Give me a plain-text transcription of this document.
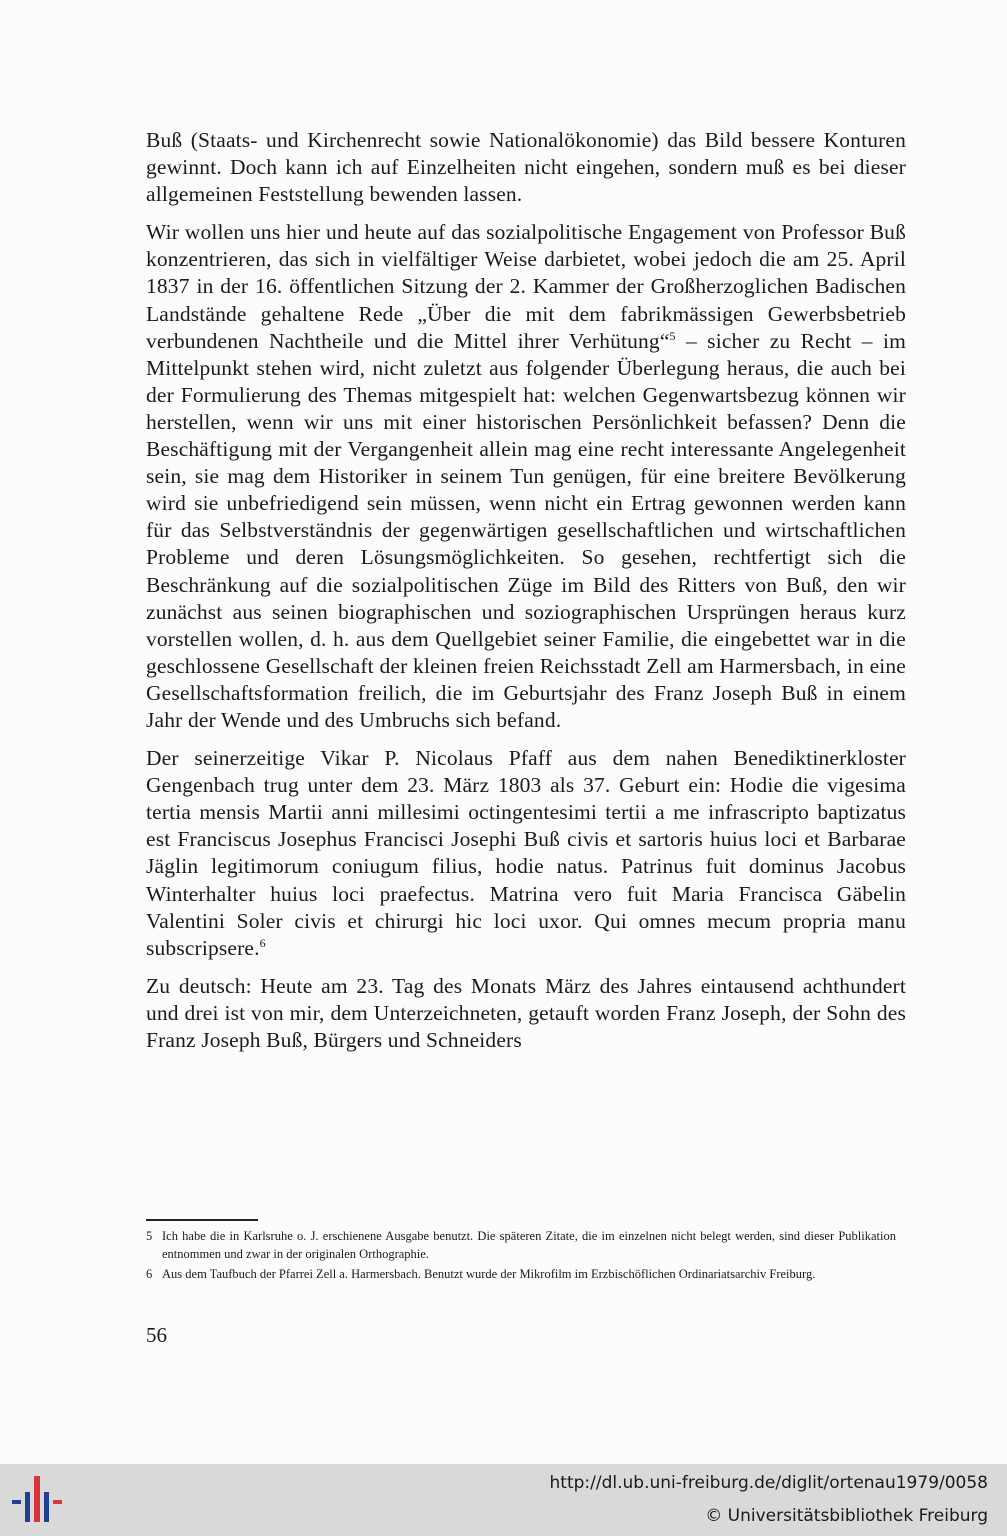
Buß (Staats- und Kirchenrecht sowie Nationalökonomie) das Bild bessere Konturen gewinnt. Doch kann ich auf Einzelheiten nicht eingehen, sondern muß es bei dieser allgemeinen Feststellung bewenden lassen.

Wir wollen uns hier und heute auf das sozialpolitische Engagement von Professor Buß konzentrieren, das sich in vielfältiger Weise darbietet, wobei jedoch die am 25. April 1837 in der 16. öffentlichen Sitzung der 2. Kammer der Großherzoglichen Badischen Landstände gehaltene Rede „Über die mit dem fabrikmässigen Gewerbsbetrieb verbundenen Nachtheile und die Mittel ihrer Verhütung“$^5$ – sicher zu Recht – im Mittelpunkt stehen wird, nicht zuletzt aus folgender Überlegung heraus, die auch bei der Formulierung des Themas mitgespielt hat: welchen Gegenwartsbezug können wir herstellen, wenn wir uns mit einer historischen Persönlichkeit befassen? Denn die Beschäftigung mit der Vergangenheit allein mag eine recht interessante Angelegenheit sein, sie mag dem Historiker in seinem Tun genügen, für eine breitere Bevölkerung wird sie unbefriedigend sein müssen, wenn nicht ein Ertrag gewonnen werden kann für das Selbstverständnis der gegenwärtigen gesellschaftlichen und wirtschaftlichen Probleme und deren Lösungsmöglichkeiten. So gesehen, rechtfertigt sich die Beschränkung auf die sozialpolitischen Züge im Bild des Ritters von Buß, den wir zunächst aus seinen biographischen und soziographischen Ursprüngen heraus kurz vorstellen wollen, d. h. aus dem Quellgebiet seiner Familie, die eingebettet war in die geschlossene Gesellschaft der kleinen freien Reichsstadt Zell am Harmersbach, in eine Gesellschaftsformation freilich, die im Geburtsjahr des Franz Joseph Buß in einem Jahr der Wende und des Umbruchs sich befand.

Der seinerzeitige Vikar P. Nicolaus Pfaff aus dem nahen Benediktinerkloster Gengenbach trug unter dem 23. März 1803 als 37. Geburt ein: Hodie die vigesima tertia mensis Martii anni millesimi octingentesimi tertii a me infrascripto baptizatus est Franciscus Josephus Francisci Josephi Buß civis et sartoris huius loci et Barbarae Jäglin legitimorum coniugum filius, hodie natus. Patrinus fuit dominus Jacobus Winterhalter huius loci praefectus. Matrina vero fuit Maria Francisca Gäbelin Valentini Soler civis et chirurgi hic loci uxor. Qui omnes mecum propria manu subscripsere.$^6$

Zu deutsch: Heute am 23. Tag des Monats März des Jahres eintausend achthundert und drei ist von mir, dem Unterzeichneten, getauft worden Franz Joseph, der Sohn des Franz Joseph Buß, Bürgers und Schneiders

5 Ich habe die in Karlsruhe o. J. erschienene Ausgabe benutzt. Die späteren Zitate, die im einzelnen nicht belegt werden, sind dieser Publikation entnommen und zwar in der originalen Orthographie.
6 Aus dem Taufbuch der Pfarrei Zell a. Harmersbach. Benutzt wurde der Mikrofilm im Erzbischöflichen Ordinariatsarchiv Freiburg.
56
http://dl.ub.uni-freiburg.de/diglit/ortenau1979/0058
© Universitätsbibliothek Freiburg
